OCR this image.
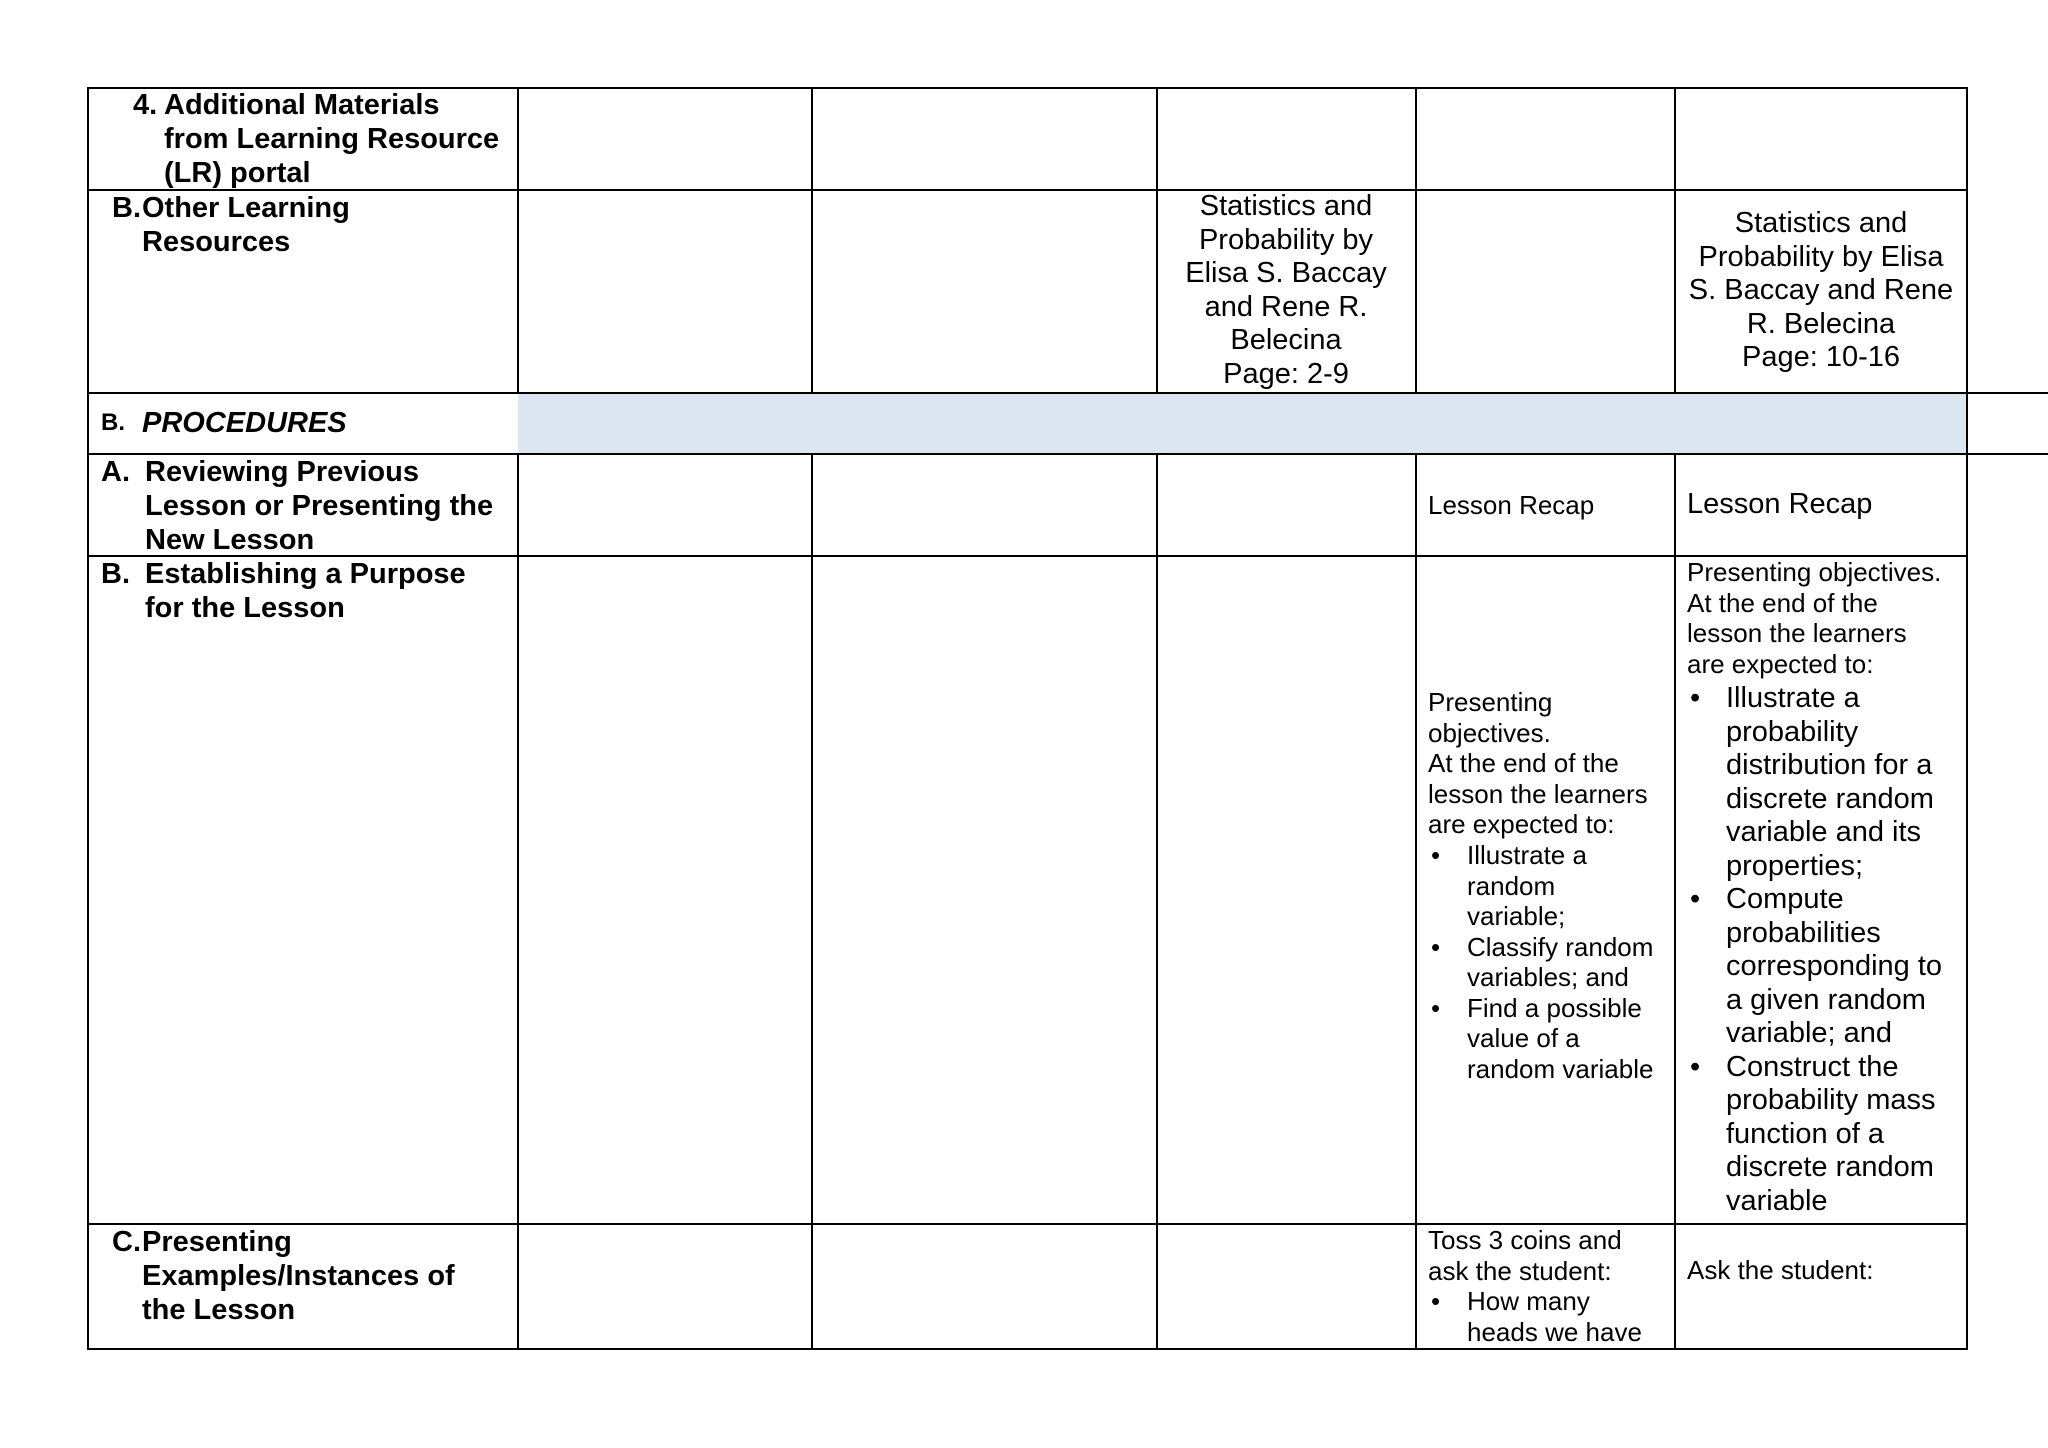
4. Additional Materials
from Learning Resource
(LR) portal
B. Other Learning
Resources
Statistics and
Probability by
Elisa S. Baccay
and Rene R.
Belecina
Page: 2-9
Statistics and
Probability by Elisa
S. Baccay and Rene
R. Belecina
Page: 10-16
B. PROCEDURES
A. Reviewing Previous
Lesson or Presenting the
New Lesson
Lesson Recap	Lesson Recap
B. Establishing a Purpose
for the Lesson
Presenting
objectives.
At the end of the
lesson the learners
are expected to:
• Illustrate a
random
variable;
• Classify random
variables; and
• Find a possible
value of a
random variable
Presenting objectives.
At the end of the
lesson the learners
are expected to:
• Illustrate a
probability
distribution for a
discrete random
variable and its
properties;
• Compute
probabilities
corresponding to
a given random
variable; and
• Construct the
probability mass
function of a
discrete random
variable
C. Presenting
Examples/Instances of
the Lesson
Toss 3 coins and
ask the student:
• How many
heads we have
Ask the student:
